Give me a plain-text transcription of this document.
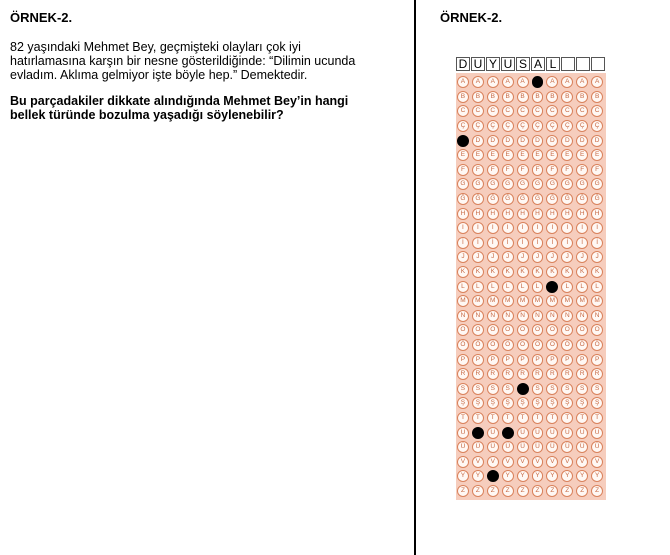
ÖRNEK-2.
82 yaşındaki Mehmet Bey, geçmişteki olayları çok iyi
hatırlamasına karşın bir nesne gösterildiğinde: “Dilimin ucunda
evladım. Aklıma gelmiyor işte böyle hep.” Demektedir.
Bu parçadakiler dikkate alındığında Mehmet Bey’in hangi
bellek türünde bozulma yaşadığı söylenebilir?
ÖRNEK-2.
D U Y U S A L
A	A	A	A	A	A	A	A	A	A
B	B	B	B	B	B	B	B	B	B
C	C	C	C	C	C	C	C	C	C
Ç	Ç	Ç	Ç	Ç	Ç	Ç	Ç	Ç	Ç
D	D	D	D	D	D	D	D	D	D
E	E	E	E	E	E	E	E	E	E
F	F	F	F	F	F	F	F	F	F
G	G	G	G	G	G	G	G	G	G
Ğ	Ğ	Ğ	Ğ	Ğ	Ğ	Ğ	Ğ	Ğ	Ğ
H	H	H	H	H	H	H	H	H	H
I	I	I	I	I	I	I	I	I	I
İ	İ	İ	İ	İ	İ	İ	İ	İ	İ
J	J	J	J	J	J	J	J	J	J
K	K	K	K	K	K	K	K	K	K
L	L	L	L	L	L	L	L	L	L
M	M	M	M	M	M	M	M	M	M
N	N	N	N	N	N	N	N	N	N
O	O	O	O	O	O	O	O	O	O
Ö	Ö	Ö	Ö	Ö	Ö	Ö	Ö	Ö	Ö
P	P	P	P	P	P	P	P	P	P
R	R	R	R	R	R	R	R	R	R
S	S	S	S	S	S	S	S	S	S
Ş	Ş	Ş	Ş	Ş	Ş	Ş	Ş	Ş	Ş
T	T	T	T	T	T	T	T	T	T
U	U	U	U	U	U	U	U	U	U
Ü	Ü	Ü	Ü	Ü	Ü	Ü	Ü	Ü	Ü
V	V	V	V	V	V	V	V	V	V
Y	Y	Y	Y	Y	Y	Y	Y	Y	Y
Z	Z	Z	Z	Z	Z	Z	Z	Z	Z
